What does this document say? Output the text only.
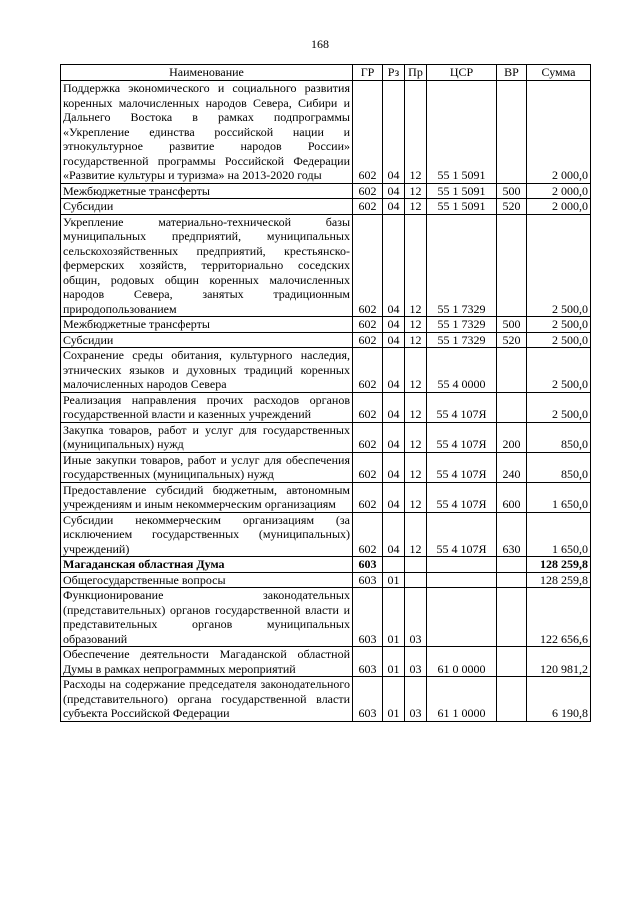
168
Наименование	ГР	Рз	Пр	ЦСР	ВР	Сумма
Поддержка экономического и социального развития коренных малочисленных народов Севера, Сибири и Дальнего Востока в рамках подпрограммы «Укрепление единства российской нации и этнокультурное развитие народов России» государственной программы Российской Федерации «Развитие культуры и туризма» на 2013-2020 годы	602	04	12	55 1 5091		2 000,0
Межбюджетные трансферты	602	04	12	55 1 5091	500	2 000,0
Субсидии	602	04	12	55 1 5091	520	2 000,0
Укрепление материально-технической базы муниципальных предприятий, муниципальных сельскохозяйственных предприятий, крестьянско-фермерских хозяйств, территориально соседских общин, родовых общин коренных малочисленных народов Севера, занятых традиционным природопользованием	602	04	12	55 1 7329		2 500,0
Межбюджетные трансферты	602	04	12	55 1 7329	500	2 500,0
Субсидии	602	04	12	55 1 7329	520	2 500,0
Сохранение среды обитания, культурного наследия, этнических языков и духовных традиций коренных малочисленных народов Севера	602	04	12	55 4 0000		2 500,0
Реализация направления прочих расходов органов государственной власти и казенных учреждений	602	04	12	55 4 107Я		2 500,0
Закупка товаров, работ и услуг для государственных (муниципальных) нужд	602	04	12	55 4 107Я	200	850,0
Иные закупки товаров, работ и услуг для обеспечения государственных (муниципальных) нужд	602	04	12	55 4 107Я	240	850,0
Предоставление субсидий бюджетным, автономным учреждениям и иным некоммерческим организациям	602	04	12	55 4 107Я	600	1 650,0
Субсидии некоммерческим организациям (за исключением государственных (муниципальных) учреждений)	602	04	12	55 4 107Я	630	1 650,0
Магаданская областная Дума	603					128 259,8
Общегосударственные вопросы	603	01				128 259,8
Функционирование законодательных (представительных) органов государственной власти и представительных органов муниципальных образований	603	01	03			122 656,6
Обеспечение деятельности Магаданской областной Думы в рамках непрограммных мероприятий	603	01	03	61 0 0000		120 981,2
Расходы на содержание председателя законодательного (представительного) органа государственной власти субъекта Российской Федерации	603	01	03	61 1 0000		6 190,8
